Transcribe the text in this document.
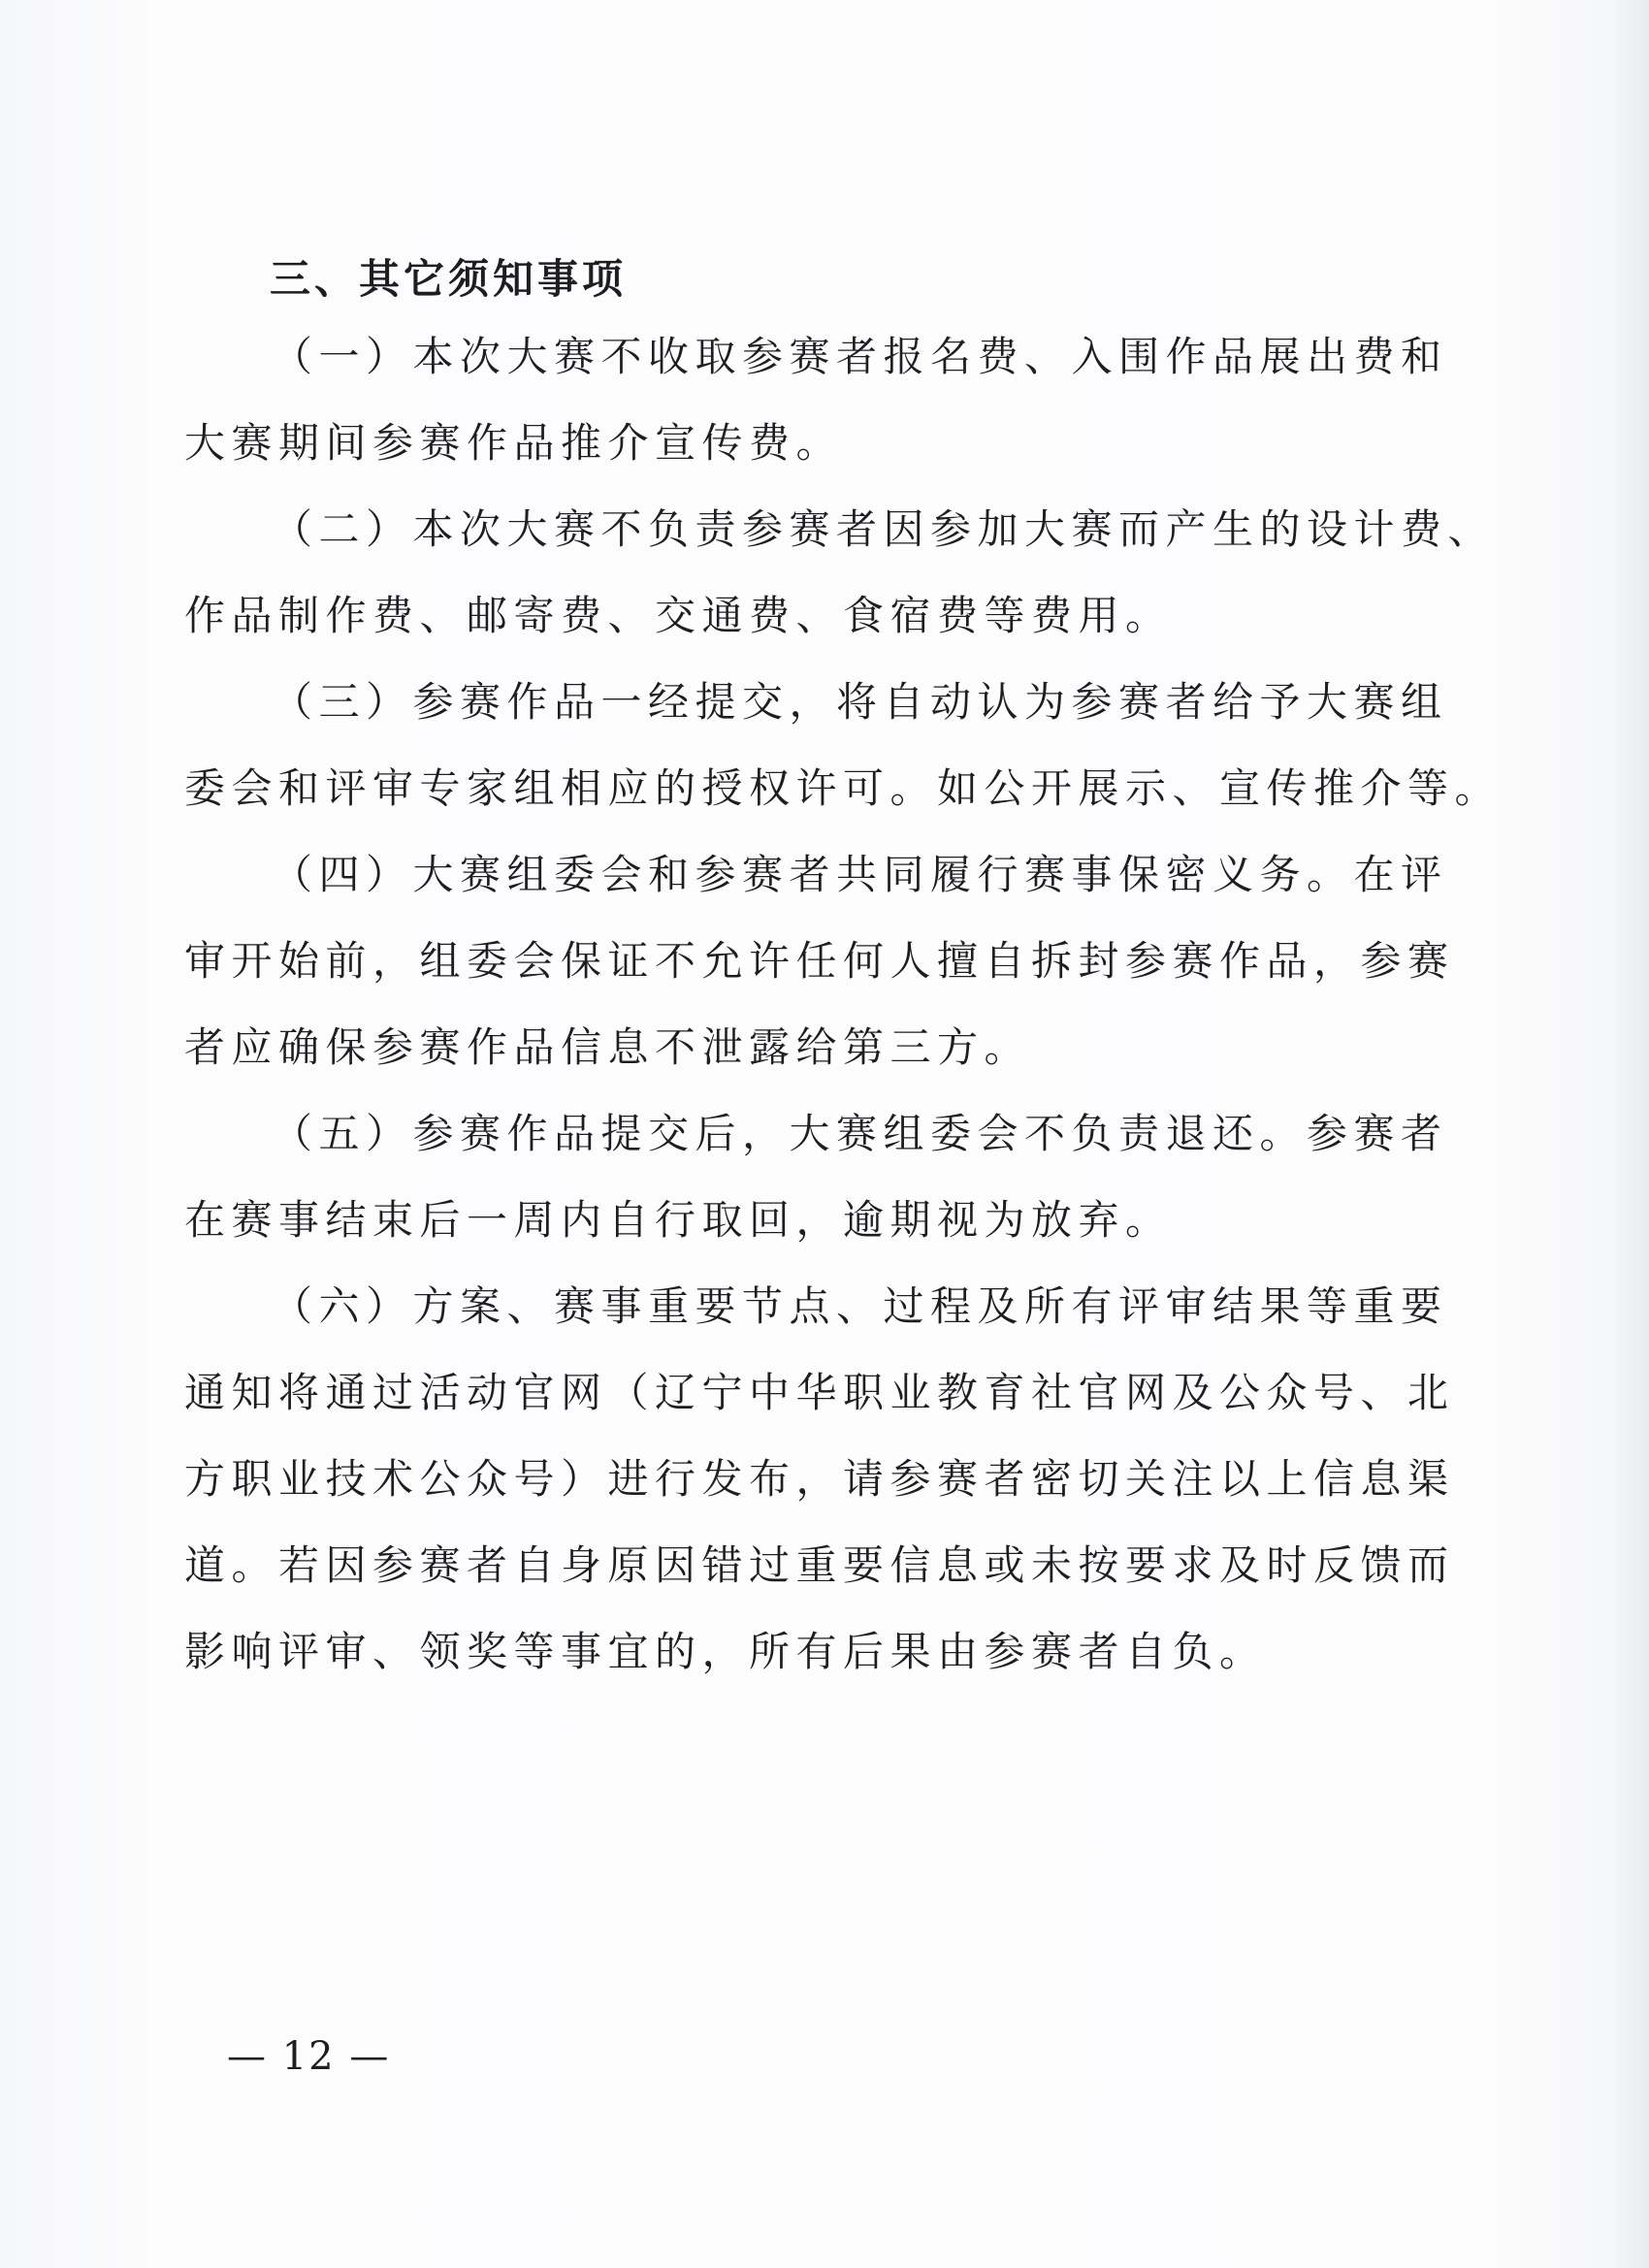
三、其它须知事项
（一）本次大赛不收取参赛者报名费、入围作品展出费和
大赛期间参赛作品推介宣传费。
（二）本次大赛不负责参赛者因参加大赛而产生的设计费、
作品制作费、邮寄费、交通费、食宿费等费用。
（三）参赛作品一经提交，将自动认为参赛者给予大赛组
委会和评审专家组相应的授权许可。如公开展示、宣传推介等。
（四）大赛组委会和参赛者共同履行赛事保密义务。在评
审开始前，组委会保证不允许任何人擅自拆封参赛作品，参赛
者应确保参赛作品信息不泄露给第三方。
（五）参赛作品提交后，大赛组委会不负责退还。参赛者
在赛事结束后一周内自行取回，逾期视为放弃。
（六）方案、赛事重要节点、过程及所有评审结果等重要
通知将通过活动官网（辽宁中华职业教育社官网及公众号、北
方职业技术公众号）进行发布，请参赛者密切关注以上信息渠
道。若因参赛者自身原因错过重要信息或未按要求及时反馈而
影响评审、领奖等事宜的，所有后果由参赛者自负。
— 12 —
